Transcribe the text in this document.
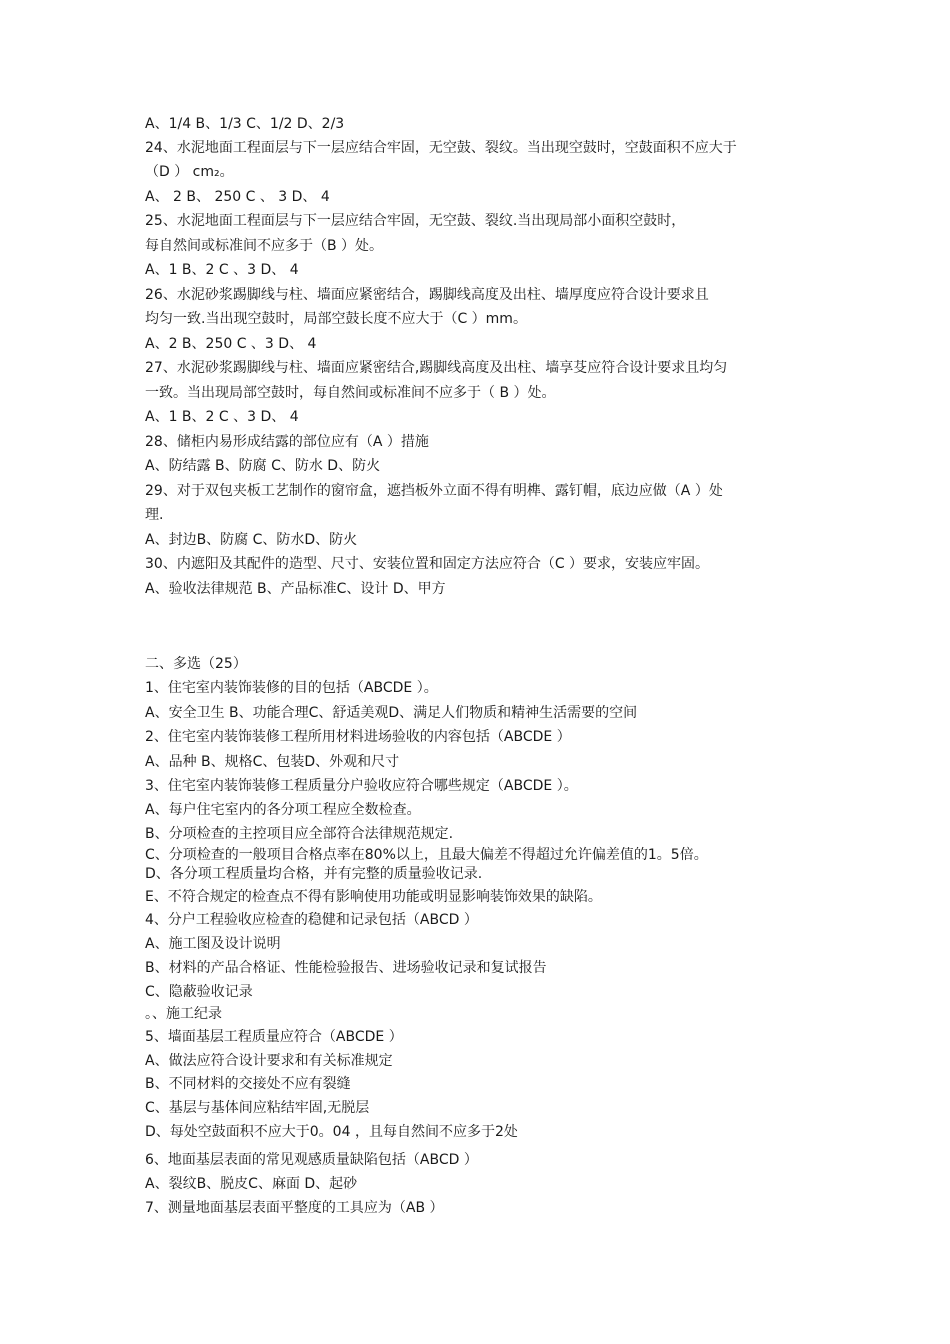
A、1/4 B、1/3 C、1/2 D、2/3
24、水泥地面工程面层与下一层应结合牢固，无空鼓、裂纹。当出现空鼓时，空鼓面积不应大于
（D ） cm₂。
A、 2 B、 250 C 、 3 D、 4
25、水泥地面工程面层与下一层应结合牢固，无空鼓、裂纹.当出现局部小面积空鼓时，
每自然间或标准间不应多于（B ）处。
A、1 B、2 C 、3 D、 4
26、水泥砂浆踢脚线与柱、墙面应紧密结合，踢脚线高度及出柱、墙厚度应符合设计要求且
均匀一致.当出现空鼓时，局部空鼓长度不应大于（C ）mm。
A、2 B、250 C 、3 D、 4
27、水泥砂浆踢脚线与柱、墙面应紧密结合,踢脚线高度及出柱、墙享芟应符合设计要求且均匀
一致。当出现局部空鼓时，每自然间或标准间不应多于（ B ）处。
A、1 B、2 C 、3 D、 4
28、储柜内易形成结露的部位应有（A ）措施
A、防结露 B、防腐 C、防水 D、防火
29、对于双包夹板工艺制作的窗帘盒，遮挡板外立面不得有明榫、露钉帽，底边应做（A ）处
理.
A、封边B、防腐 C、防水D、防火
30、内遮阳及其配件的造型、尺寸、安装位置和固定方法应符合（C ）要求，安装应牢固。
A、验收法律规范 B、产品标准C、设计 D、甲方
二、多选（25）
1、住宅室内装饰装修的目的包括（ABCDE ）。
A、安全卫生 B、功能合理C、舒适美观D、满足人们物质和精神生活需要的空间
2、住宅室内装饰装修工程所用材料进场验收的内容包括（ABCDE ）
A、品种 B、规格C、包装D、外观和尺寸
3、住宅室内装饰装修工程质量分户验收应符合哪些规定（ABCDE ）。
A、每户住宅室内的各分项工程应全数检查。
B、分项检查的主控项目应全部符合法律规范规定.
C、分项检查的一般项目合格点率在80%以上，且最大偏差不得超过允许偏差值的1。5倍。
D、各分项工程质量均合格，并有完整的质量验收记录.
E、不符合规定的检查点不得有影响使用功能或明显影响装饰效果的缺陷。
4、分户工程验收应检查的稳健和记录包括（ABCD ）
A、施工图及设计说明
B、材料的产品合格证、性能检验报告、进场验收记录和复试报告
C、隐蔽验收记录
。、施工纪录
5、墙面基层工程质量应符合（ABCDE ）
A、做法应符合设计要求和有关标准规定
B、不同材料的交接处不应有裂缝
C、基层与基体间应粘结牢固,无脱层
D、每处空鼓面积不应大于0。04 ，且每自然间不应多于2处
6、地面基层表面的常见观感质量缺陷包括（ABCD ）
A、裂纹B、脱皮C、麻面 D、起砂
7、测量地面基层表面平整度的工具应为（AB ）
